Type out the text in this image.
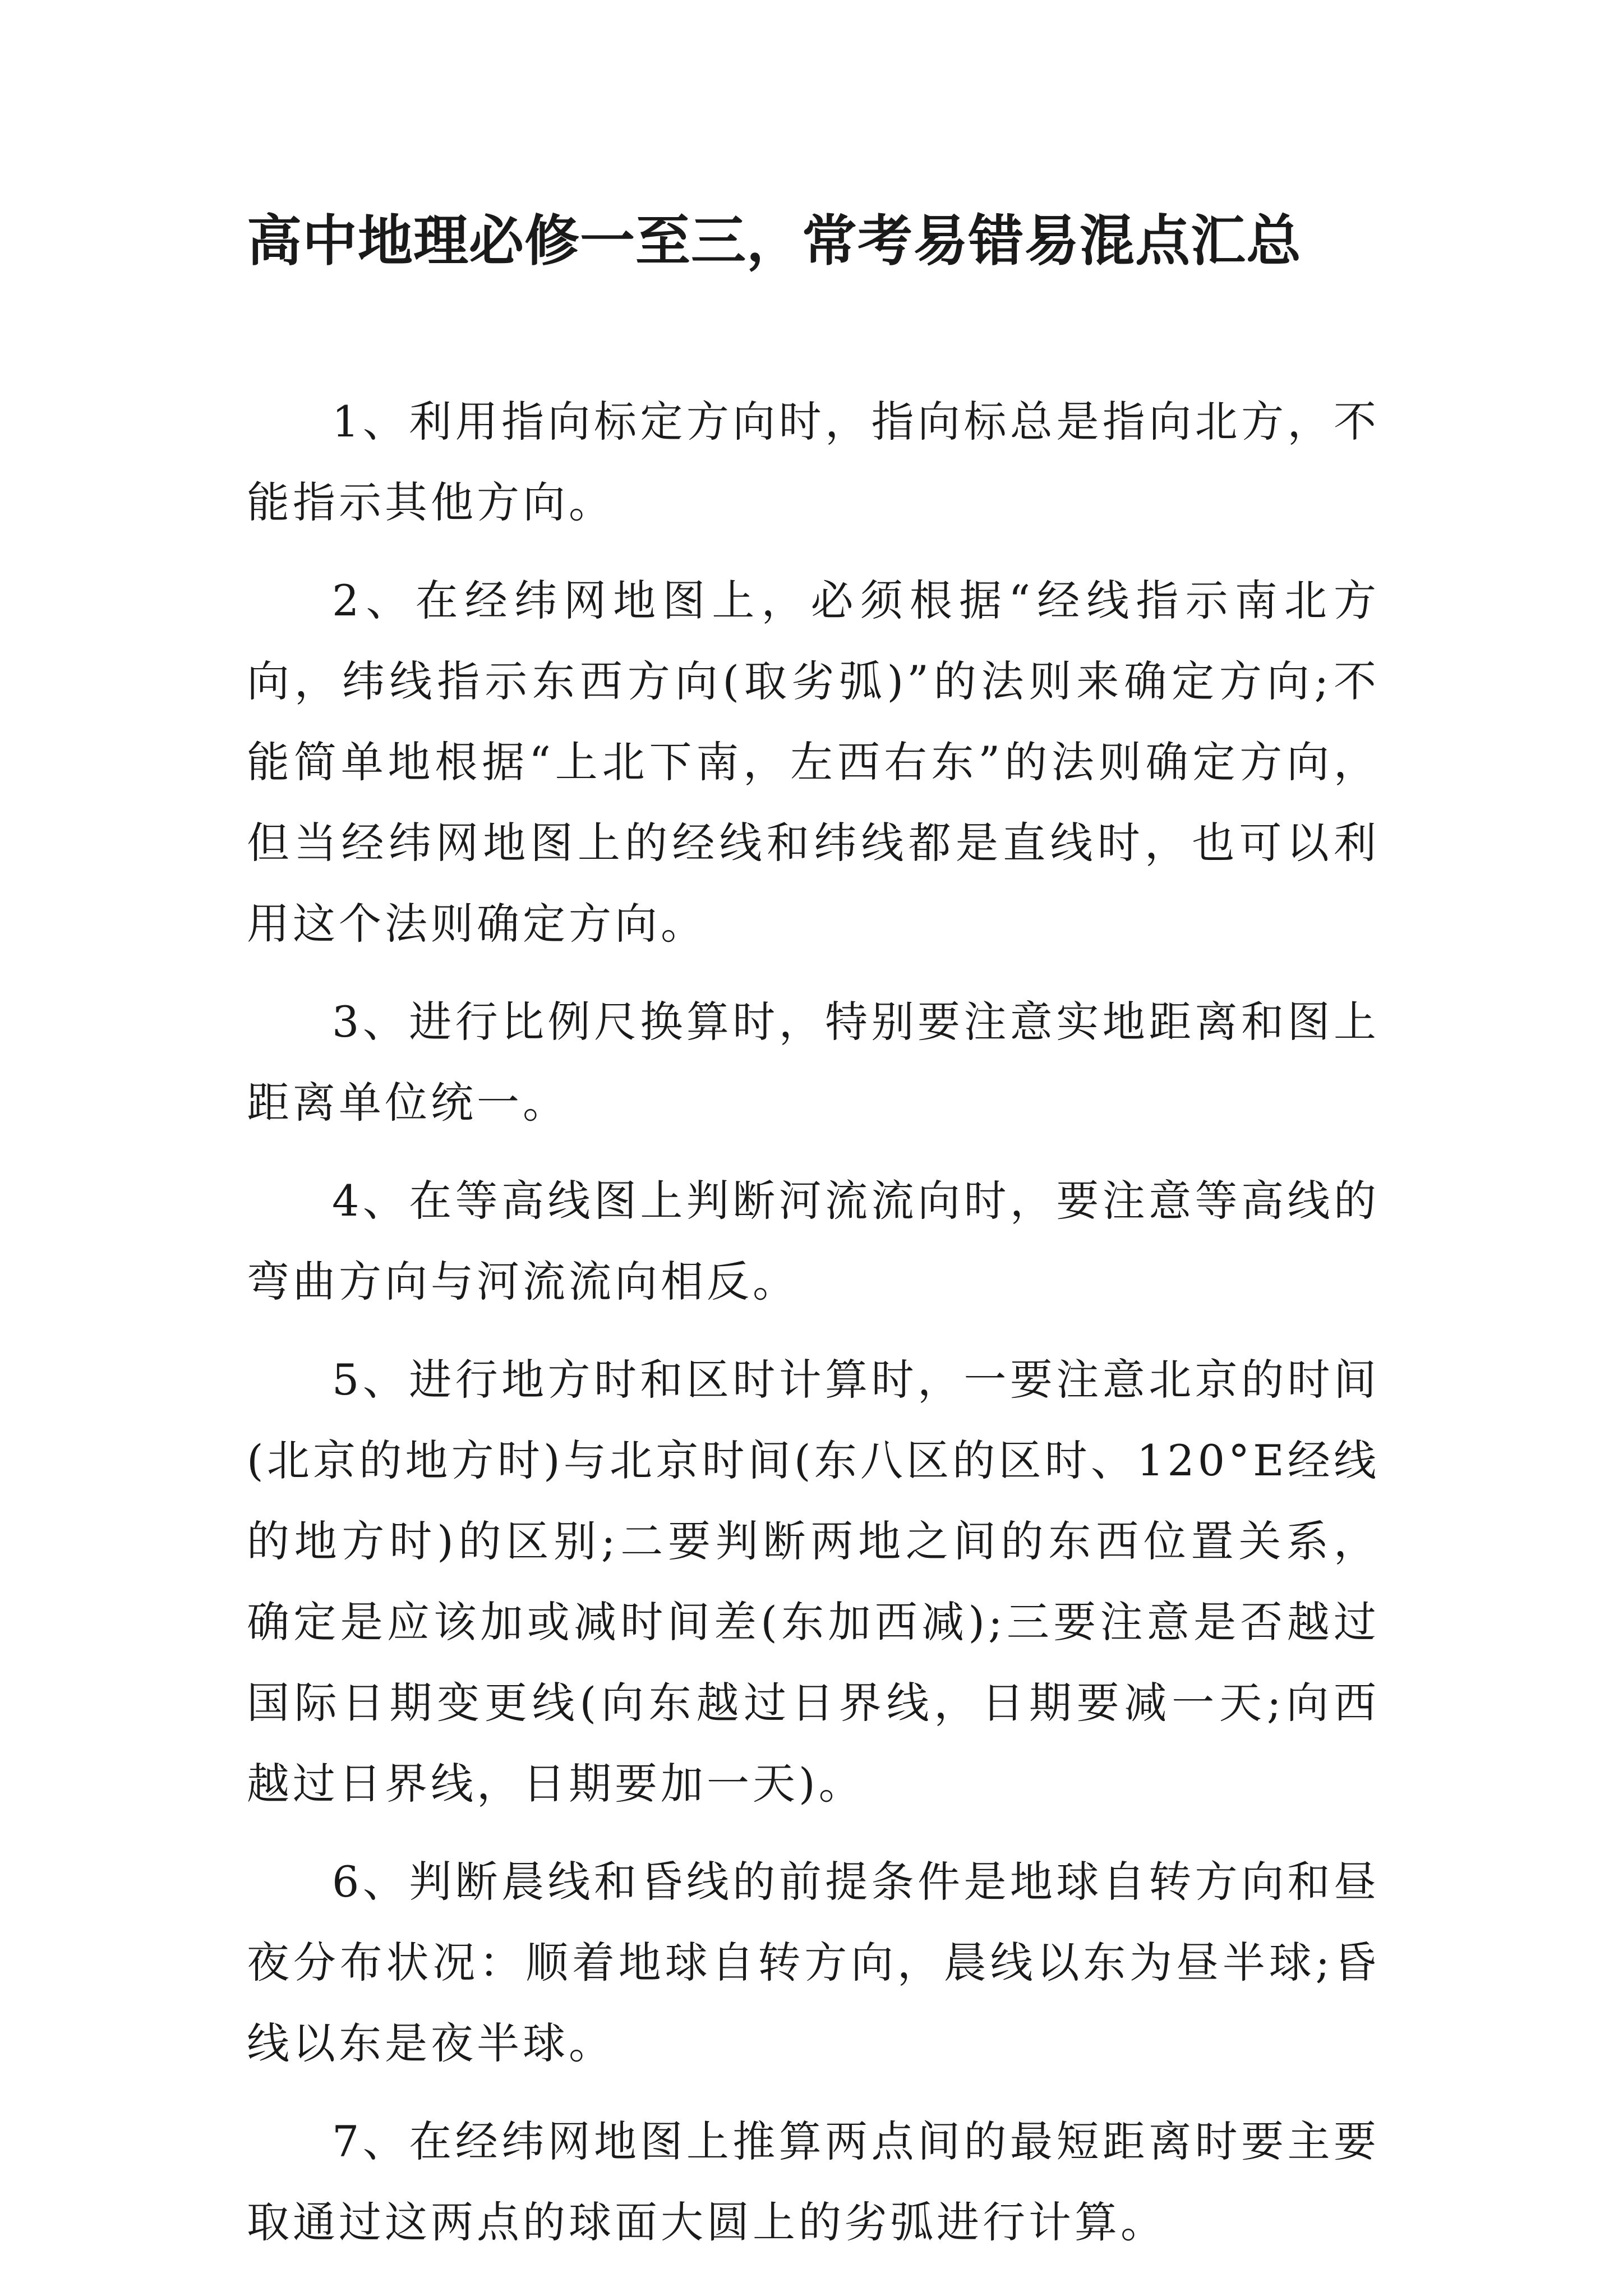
高中地理必修一至三，常考易错易混点汇总

1、利用指向标定方向时，指向标总是指向北方，不能指示其他方向。

2、在经纬网地图上，必须根据“经线指示南北方向，纬线指示东西方向(取劣弧)”的法则来确定方向;不能简单地根据“上北下南，左西右东”的法则确定方向，但当经纬网地图上的经线和纬线都是直线时，也可以利用这个法则确定方向。

3、进行比例尺换算时，特别要注意实地距离和图上距离单位统一。

4、在等高线图上判断河流流向时，要注意等高线的弯曲方向与河流流向相反。

5、进行地方时和区时计算时，一要注意北京的时间(北京的地方时)与北京时间(东八区的区时、120°E经线的地方时)的区别;二要判断两地之间的东西位置关系，确定是应该加或减时间差(东加西减);三要注意是否越过国际日期变更线(向东越过日界线，日期要减一天;向西越过日界线，日期要加一天)。

6、判断晨线和昏线的前提条件是地球自转方向和昼夜分布状况：顺着地球自转方向，晨线以东为昼半球;昏线以东是夜半球。

7、在经纬网地图上推算两点间的最短距离时要主要取通过这两点的球面大圆上的劣弧进行计算。
